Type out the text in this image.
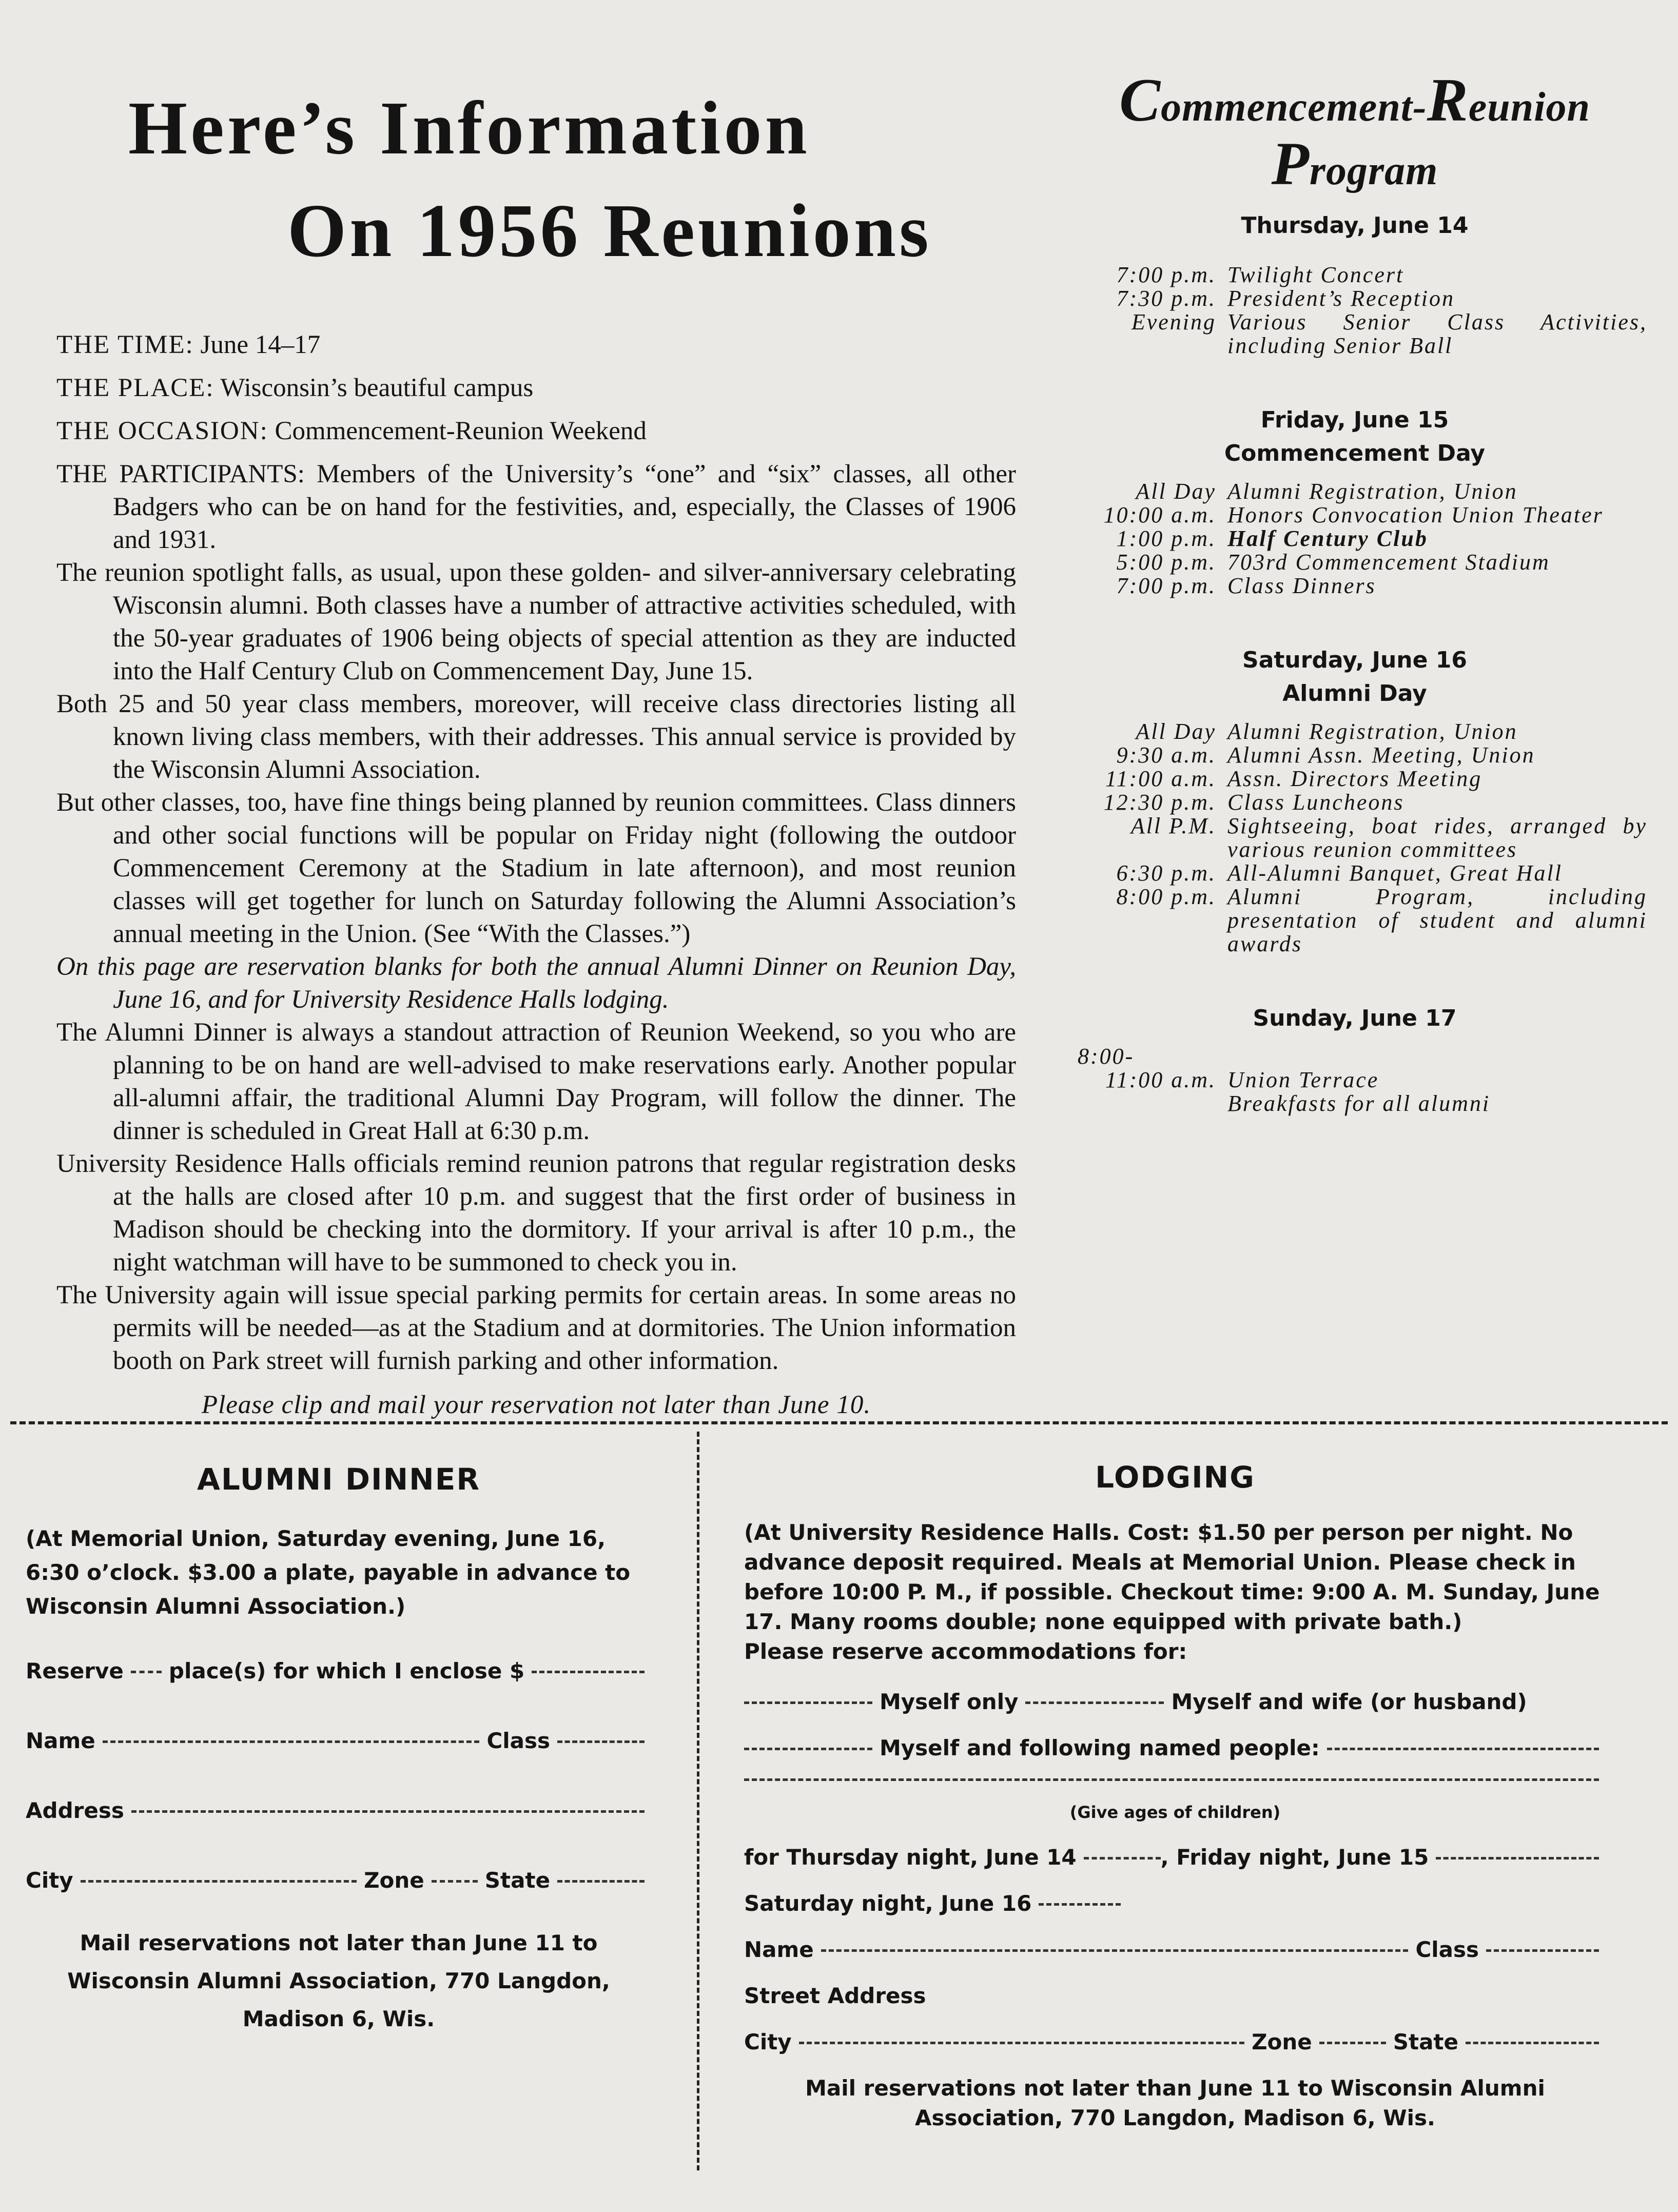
Here’s Information
On 1956 Reunions

THE TIME: June 14–17

THE PLACE: Wisconsin’s beautiful campus

THE OCCASION: Commencement-Reunion Weekend

THE PARTICIPANTS: Members of the University’s “one” and “six” classes, all other Badgers who can be on hand for the festivities, and, especially, the Classes of 1906 and 1931.

The reunion spotlight falls, as usual, upon these golden- and silver-anniversary celebrating Wisconsin alumni. Both classes have a number of attractive activities scheduled, with the 50-year graduates of 1906 being objects of special attention as they are inducted into the Half Century Club on Commencement Day, June 15.

Both 25 and 50 year class members, moreover, will receive class directories listing all known living class members, with their addresses. This annual service is provided by the Wisconsin Alumni Association.

But other classes, too, have fine things being planned by reunion committees. Class dinners and other social functions will be popular on Friday night (following the outdoor Commencement Ceremony at the Stadium in late afternoon), and most reunion classes will get together for lunch on Saturday following the Alumni Association’s annual meeting in the Union. (See “With the Classes.”)

On this page are reservation blanks for both the annual Alumni Dinner on Reunion Day, June 16, and for University Residence Halls lodging.

The Alumni Dinner is always a standout attraction of Reunion Weekend, so you who are planning to be on hand are well-advised to make reservations early. Another popular all-alumni affair, the traditional Alumni Day Program, will follow the dinner. The dinner is scheduled in Great Hall at 6:30 p.m.

University Residence Halls officials remind reunion patrons that regular registration desks at the halls are closed after 10 p.m. and suggest that the first order of business in Madison should be checking into the dormitory. If your arrival is after 10 p.m., the night watchman will have to be summoned to check you in.

The University again will issue special parking permits for certain areas. In some areas no permits will be needed—as at the Stadium and at dormitories. The Union information booth on Park street will furnish parking and other information.

Please clip and mail your reservation not later than June 10.

Commencement-Reunion
Program
Thursday, June 14
7:00 p.m. Twilight Concert
7:30 p.m. President’s Reception
Evening Various Senior Class Activities, including Senior Ball
Friday, June 15
Commencement Day
All Day Alumni Registration, Union
10:00 a.m. Honors Convocation Union Theater
1:00 p.m. Half Century Club
5:00 p.m. 703rd Commencement Stadium
7:00 p.m. Class Dinners
Saturday, June 16
Alumni Day
All Day Alumni Registration, Union
9:30 a.m. Alumni Assn. Meeting, Union
11:00 a.m. Assn. Directors Meeting
12:30 p.m. Class Luncheons
All P.M. Sightseeing, boat rides, arranged by various reunion committees
6:30 p.m. All-Alumni Banquet, Great Hall
8:00 p.m. Alumni Program, including presentation of student and alumni awards
Sunday, June 17
8:00-
11:00 a.m. Union Terrace
Breakfasts for all alumni
ALUMNI DINNER
(At Memorial Union, Saturday evening, June 16, 6:30 o’clock. $3.00 a plate, payable in advance to Wisconsin Alumni Association.)
Reserve place(s) for which I enclose $
Name	Class
Address
City	Zone	State
Mail reservations not later than June 11 to Wisconsin Alumni Association, 770 Langdon, Madison 6, Wis.
LODGING
(At University Residence Halls. Cost: $1.50 per person per night. No advance deposit required. Meals at Memorial Union. Please check in before 10:00 P. M., if possible. Checkout time: 9:00 A. M. Sunday, June 17. Many rooms double; none equipped with private bath.)
Please reserve accommodations for:
Myself only	Myself and wife (or husband)
Myself and following named people:
(Give ages of children)
for Thursday night, June 14	, Friday night, June 15
Saturday night, June 16
Name	Class
Street Address
City	Zone	State
Mail reservations not later than June 11 to Wisconsin Alumni Association, 770 Langdon, Madison 6, Wis.
